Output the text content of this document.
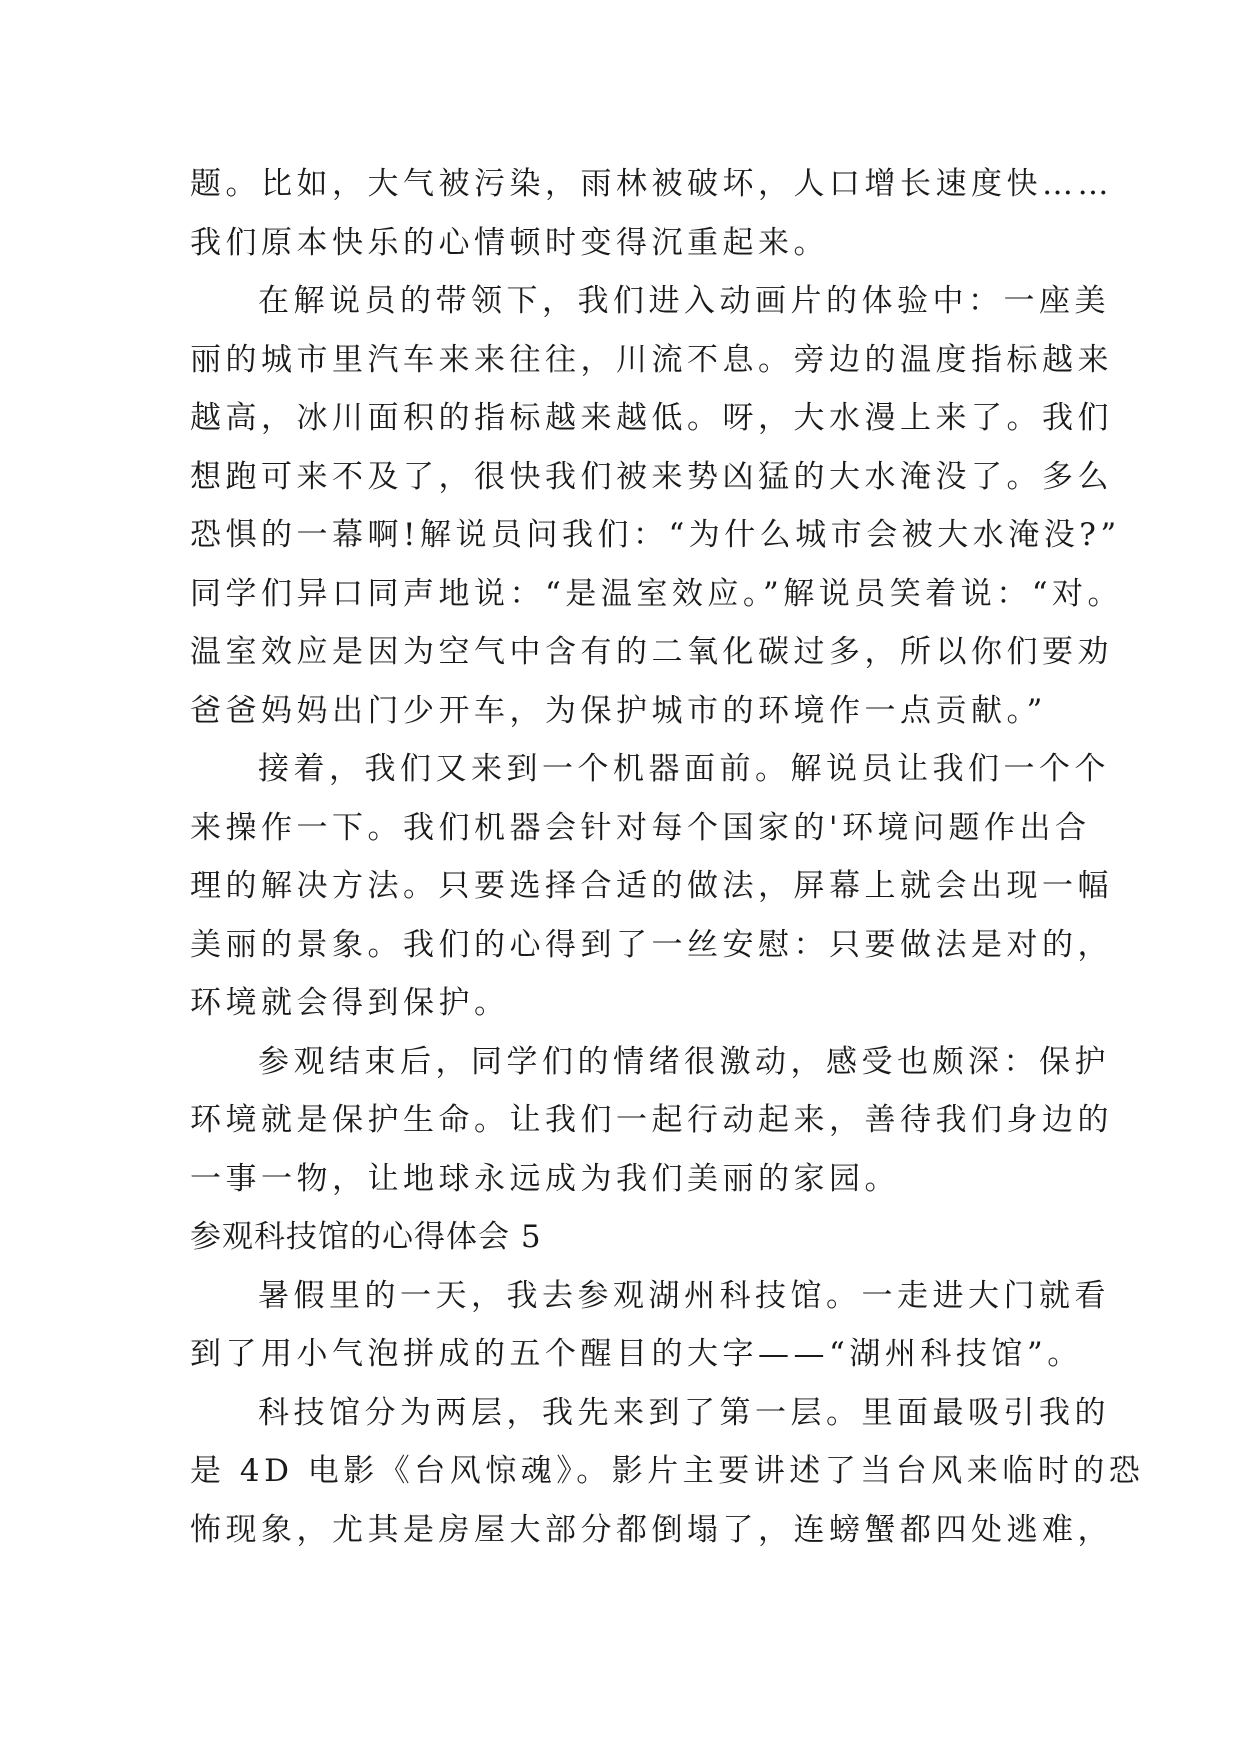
题。比如，大气被污染，雨林被破坏，人口增长速度快……
我们原本快乐的心情顿时变得沉重起来。
在解说员的带领下，我们进入动画片的体验中：一座美
丽的城市里汽车来来往往，川流不息。旁边的温度指标越来
越高，冰川面积的指标越来越低。呀，大水漫上来了。我们
想跑可来不及了，很快我们被来势凶猛的大水淹没了。多么
恐惧的一幕啊!解说员问我们：“为什么城市会被大水淹没?”
同学们异口同声地说：“是温室效应。”解说员笑着说：“对。
温室效应是因为空气中含有的二氧化碳过多，所以你们要劝
爸爸妈妈出门少开车，为保护城市的环境作一点贡献。”
接着，我们又来到一个机器面前。解说员让我们一个个
来操作一下。我们机器会针对每个国家的'环境问题作出合
理的解决方法。只要选择合适的做法，屏幕上就会出现一幅
美丽的景象。我们的心得到了一丝安慰：只要做法是对的，
环境就会得到保护。
参观结束后，同学们的情绪很激动，感受也颇深：保护
环境就是保护生命。让我们一起行动起来，善待我们身边的
一事一物，让地球永远成为我们美丽的家园。
参观科技馆的心得体会 5
暑假里的一天，我去参观湖州科技馆。一走进大门就看
到了用小气泡拼成的五个醒目的大字——“湖州科技馆”。
科技馆分为两层，我先来到了第一层。里面最吸引我的
是 4D 电影《台风惊魂》。影片主要讲述了当台风来临时的恐
怖现象，尤其是房屋大部分都倒塌了，连螃蟹都四处逃难，
